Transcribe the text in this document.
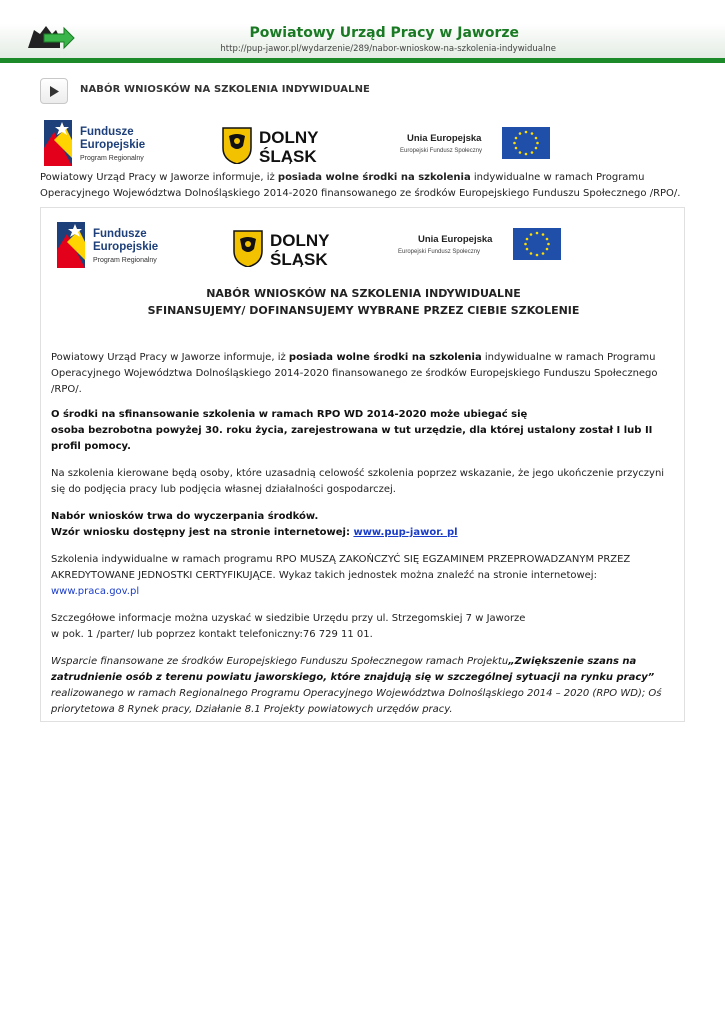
Powiatowy Urząd Pracy w Jaworze
http://pup-jawor.pl/wydarzenie/289/nabor-wnioskow-na-szkolenia-indywidualne
NABÓR WNIOSKÓW NA SZKOLENIA INDYWIDUALNE
Fundusze
Europejskie
Program Regionalny
DOLNY
ŚLĄSK
Unia Europejska
Europejski Fundusz Społeczny
Powiatowy Urząd Pracy w Jaworze informuje, iż posiada wolne środki na szkolenia indywidualne w ramach Programu Operacyjnego Województwa Dolnośląskiego 2014-2020 finansowanego ze środków Europejskiego Funduszu Społecznego /RPO/.
Fundusze
Europejskie
Program Regionalny
DOLNY
ŚLĄSK
Unia Europejska
Europejski Fundusz Społeczny
NABÓR WNIOSKÓW NA SZKOLENIA INDYWIDUALNE
SFINANSUJEMY/ DOFINANSUJEMY WYBRANE PRZEZ CIEBIE SZKOLENIE
Powiatowy Urząd Pracy w Jaworze informuje, iż posiada wolne środki na szkolenia indywidualne w ramach Programu Operacyjnego Województwa Dolnośląskiego 2014-2020 finansowanego ze środków Europejskiego Funduszu Społecznego /RPO/.
O środki na sfinansowanie szkolenia w ramach RPO WD 2014-2020 może ubiegać się
osoba bezrobotna powyżej 30. roku życia, zarejestrowana w tut urzędzie, dla której ustalony został I lub II profil pomocy.
Na szkolenia kierowane będą osoby, które uzasadnią celowość szkolenia poprzez wskazanie, że jego ukończenie przyczyni się do podjęcia pracy lub podjęcia własnej działalności gospodarczej.
Nabór wniosków trwa do wyczerpania środków.
Wzór wniosku dostępny jest na stronie internetowej: www.pup-jawor. pl
Szkolenia indywidualne w ramach programu RPO MUSZĄ ZAKOŃCZYĆ SIĘ EGZAMINEM PRZEPROWADZANYM PRZEZ AKREDYTOWANE JEDNOSTKI CERTYFIKUJĄCE. Wykaz takich jednostek można znaleźć na stronie internetowej:
www.praca.gov.pl
Szczegółowe informacje można uzyskać w siedzibie Urzędu przy ul. Strzegomskiej 7 w Jaworze
w pok. 1 /parter/ lub poprzez kontakt telefoniczny:76 729 11 01.
Wsparcie finansowane ze środków Europejskiego Funduszu Społecznegow ramach Projektu„Zwiększenie szans na zatrudnienie osób z terenu powiatu jaworskiego, które znajdują się w szczególnej sytuacji na rynku pracy”
realizowanego w ramach Regionalnego Programu Operacyjnego Województwa Dolnośląskiego 2014 – 2020 (RPO WD); Oś priorytetowa 8 Rynek pracy, Działanie 8.1 Projekty powiatowych urzędów pracy.
